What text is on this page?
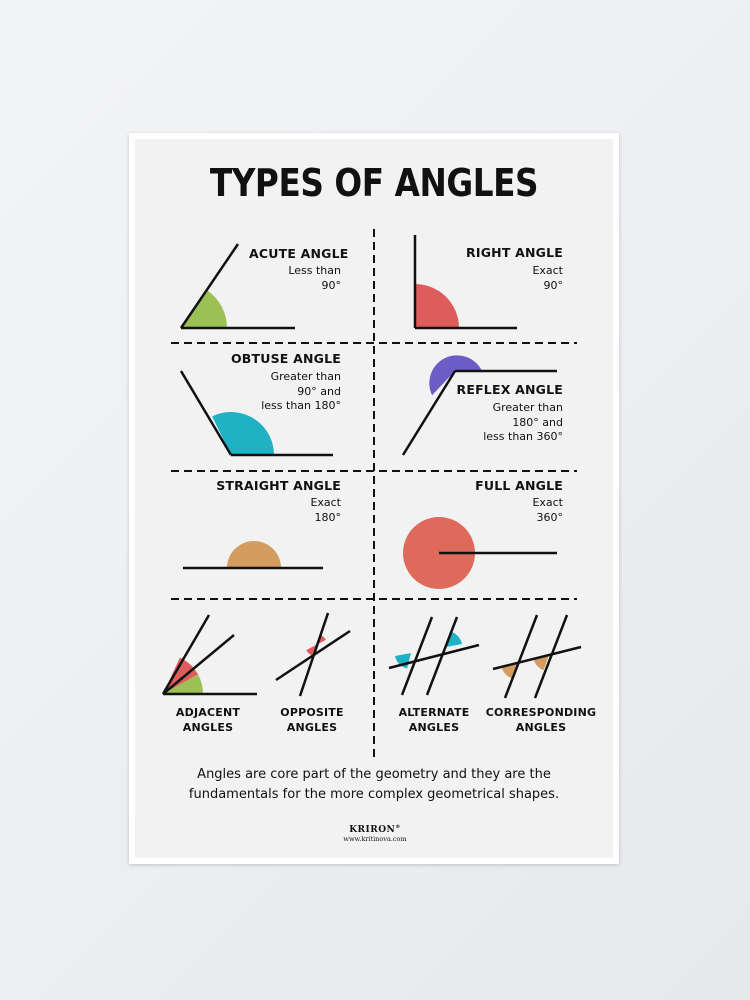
TYPES OF ANGLES
ACUTE ANGLE
Less than
90°
RIGHT ANGLE
Exact
90°
OBTUSE ANGLE
Greater than
90° and
less than 180°
REFLEX ANGLE
Greater than
180° and
less than 360°
STRAIGHT ANGLE
Exact
180°
FULL ANGLE
Exact
360°
ADJACENT
ANGLES
OPPOSITE
ANGLES
ALTERNATE
ANGLES
CORRESPONDING
ANGLES
Angles are core part of the geometry and they are the
fundamentals for the more complex geometrical shapes.
KRIRON®
www.kritinova.com
